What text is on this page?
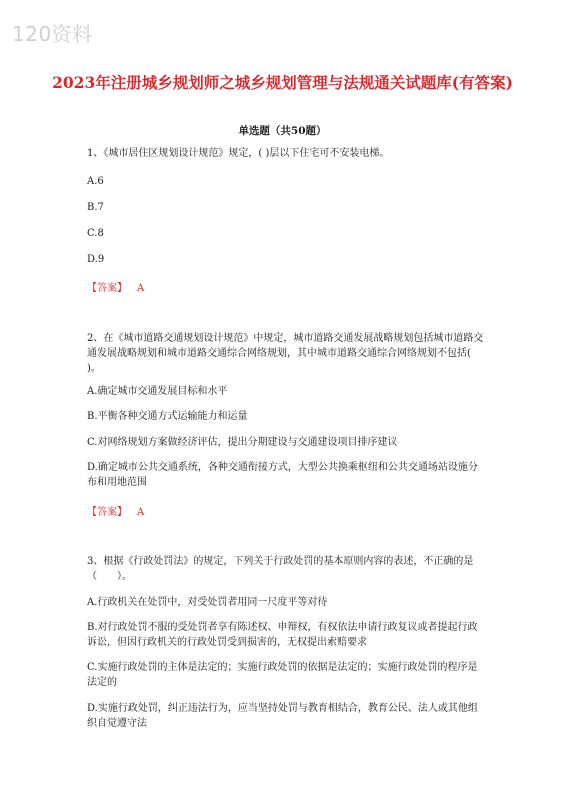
120资料
2023年注册城乡规划师之城乡规划管理与法规通关试题库(有答案)
单选题（共50题）
1、《城市居住区规划设计规范》规定，( )层以下住宅可不安装电梯。
A.6
B.7
C.8
D.9
【答案】 A
2、在《城市道路交通规划设计规范》中规定，城市道路交通发展战略规划包括城市道路交通发展战略规划和城市道路交通综合网络规划，其中城市道路交通综合网络规划不包括( )。
A.确定城市交通发展目标和水平
B.平衡各种交通方式运输能力和运量
C.对网络规划方案做经济评估，提出分期建设与交通建设项目排序建议
D.确定城市公共交通系统，各种交通衔接方式，大型公共换乘枢纽和公共交通场站设施分布和用地范围
【答案】 A
3、根据《行政处罚法》的规定，下列关于行政处罚的基本原则内容的表述，不正确的是（　　）。
A.行政机关在处罚中，对受处罚者用同一尺度平等对待
B.对行政处罚不服的受处罚者享有陈述权、申辩权，有权依法申请行政复议或者提起行政诉讼，但因行政机关的行政处罚受到损害的，无权提出索赔要求
C.实施行政处罚的主体是法定的；实施行政处罚的依据是法定的；实施行政处罚的程序是法定的
D.实施行政处罚，纠正违法行为，应当坚持处罚与教育相结合，教育公民、法人或其他组织自觉遵守法
